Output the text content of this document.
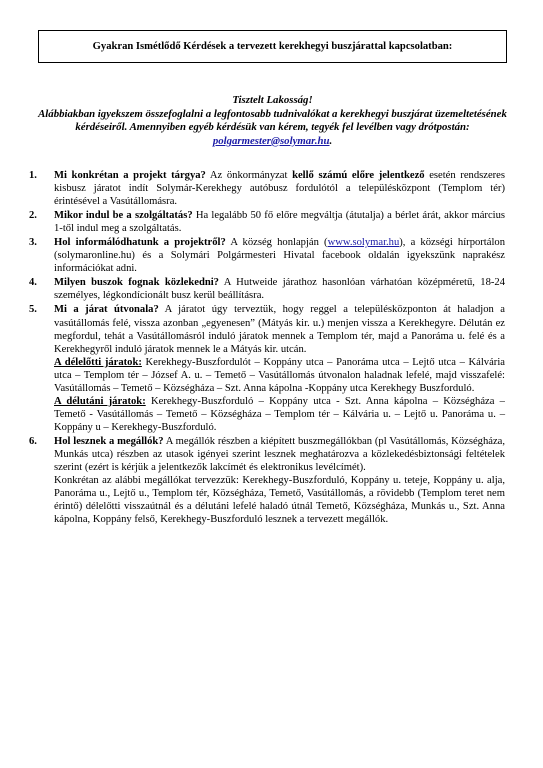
Gyakran Ismétlődő Kérdések a tervezett kerekhegyi buszjárattal kapcsolatban:
Tisztelt Lakosság!
Alábbiakban igyekszem összefoglalni a legfontosabb tudnivalókat a kerekhegyi buszjárat üzemeltetésének kérdéseiről. Amennyiben egyéb kérdésük van kérem, tegyék fel levélben vagy drótpostán: polgarmester@solymar.hu.
1. Mi konkrétan a projekt tárgya? Az önkormányzat kellő számú előre jelentkező esetén rendszeres kisbusz járatot indít Solymár-Kerekhegy autóbusz fordulótól a településközpont (Templom tér) érintésével a Vasútállomásra.
2. Mikor indul be a szolgáltatás? Ha legalább 50 fő előre megváltja (átutalja) a bérlet árát, akkor március 1-től indul meg a szolgáltatás.
3. Hol informálódhatunk a projektről? A község honlapján (www.solymar.hu), a községi hírportálon (solymaronline.hu) és a Solymári Polgármesteri Hivatal facebook oldalán igyekszünk naprakész információkat adni.
4. Milyen buszok fognak közlekedni? A Hutweide járathoz hasonlóan várhatóan középméretű, 18-24 személyes, légkondícionált busz kerül beállításra.
5. Mi a járat útvonala? A járatot úgy terveztük, hogy reggel a településközponton át haladjon a vasútállomás felé, vissza azonban „egyenesen” (Mátyás kir. u.) menjen vissza a Kerekhegyre. Délután ez megfordul, tehát a Vasútállomásról induló járatok mennek a Templom tér, majd a Panoráma u. felé és a Kerekhegyről induló járatok mennek le a Mátyás kir. utcán.

A délelőtti járatok: Kerekhegy-Buszfordulót – Koppány utca – Panoráma utca – Lejtő utca – Kálvária utca – Templom tér – József A. u. – Temető – Vasútállomás útvonalon haladnak lefelé, majd visszafelé: Vasútállomás – Temető – Községháza – Szt. Anna kápolna -Koppány utca Kerekhegy Buszforduló.

A délutáni járatok: Kerekhegy-Buszforduló – Koppány utca - Szt. Anna kápolna – Községháza – Temető - Vasútállomás – Temető – Községháza – Templom tér – Kálvária u. – Lejtő u. Panoráma u. – Koppány u – Kerekhegy-Buszforduló.

6. Hol lesznek a megállók? A megállók részben a kiépített buszmegállókban (pl Vasútállomás, Községháza, Munkás utca) részben az utasok igényei szerint lesznek meghatározva a közlekedésbiztonsági feltételek szerint (ezért is kérjük a jelentkezők lakcímét és elektronikus levélcímét).

Konkrétan az alábbi megállókat tervezzük: Kerekhegy-Buszforduló, Koppány u. teteje, Koppány u. alja, Panoráma u., Lejtő u., Templom tér, Községháza, Temető, Vasútállomás, a rövidebb (Templom teret nem érintő) délelőtti visszaútnál és a délutáni lefelé haladó útnál Temető, Községháza, Munkás u., Szt. Anna kápolna, Koppány felső, Kerekhegy-Buszforduló lesznek a tervezett megállók.
